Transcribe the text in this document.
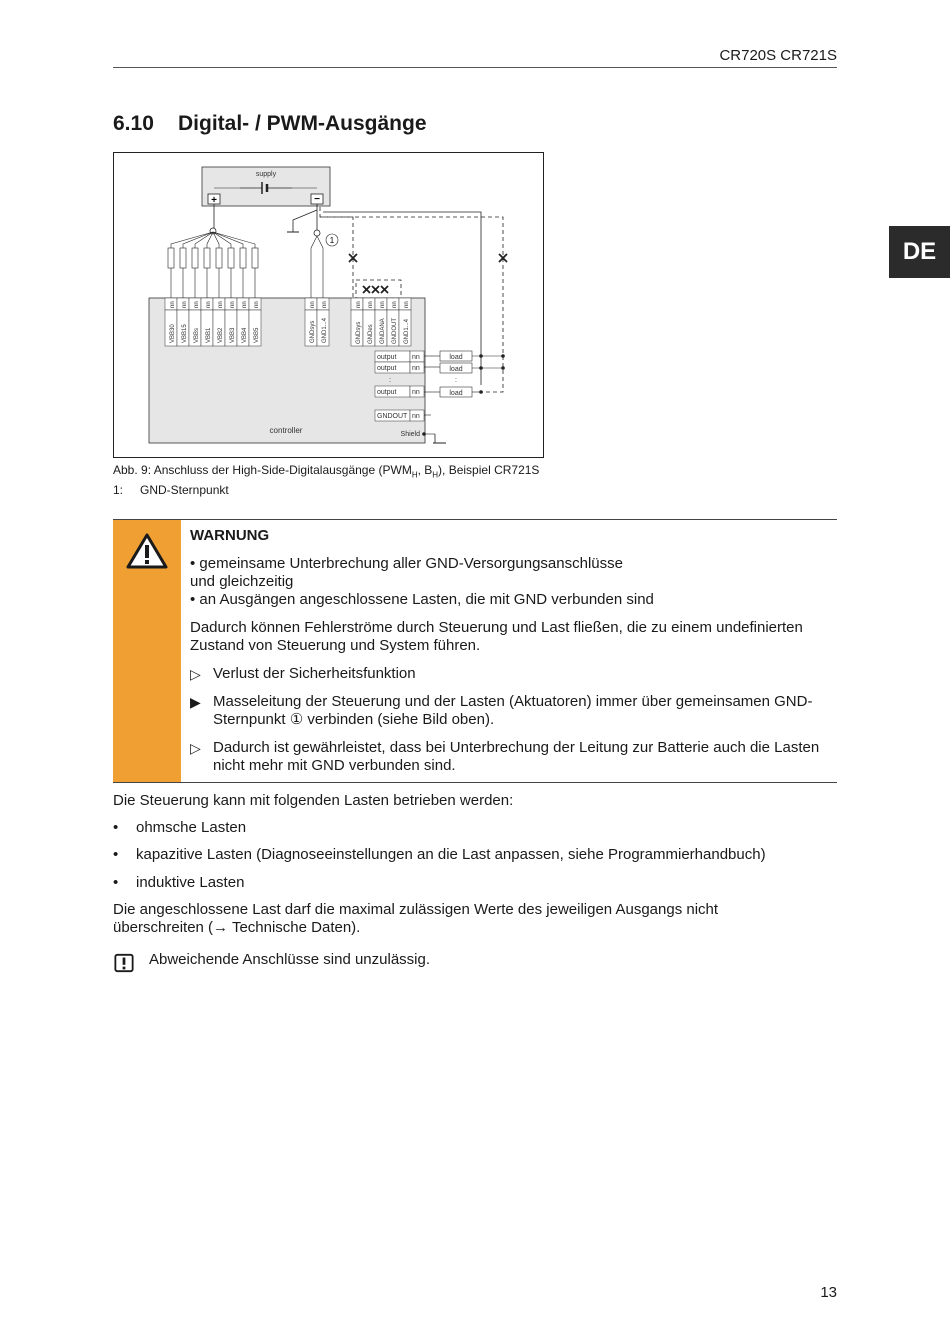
CR720S CR721S
DE
6.10 Digital- / PWM-Ausgänge
supply
+	−
1
controller	Shield
nn nn nn nn nn nn nn nn
VBB30 VBB15 VBBs VBB1 VBB2 VBB3 VBB4 VBB5
nn nn
GNDsys GND1...4
nn nn nn nn nn
GNDsys GNDes GNDANA GNDOUT GND1...4
output nn
output nn
:
output nn
GNDOUT nn
load
load
:
load
Abb. 9: Anschluss der High-Side-Digitalausgänge ($PWM_H$, $B_H$), Beispiel CR721S
1: GND-Sternpunkt
WARNUNG

• gemeinsame Unterbrechung aller GND-Versorgungsanschlüsse
und gleichzeitig
• an Ausgängen angeschlossene Lasten, die mit GND verbunden sind

Dadurch können Fehlerströme durch Steuerung und Last fließen, die zu einem undefinierten Zustand von Steuerung und System führen.

▷ Verlust der Sicherheitsfunktion
▶ Masseleitung der Steuerung und der Lasten (Aktuatoren) immer über gemeinsamen GND-Sternpunkt ① verbinden (siehe Bild oben).
▷ Dadurch ist gewährleistet, dass bei Unterbrechung der Leitung zur Batterie auch die Lasten nicht mehr mit GND verbunden sind.
Die Steuerung kann mit folgenden Lasten betrieben werden:
• ohmsche Lasten
• kapazitive Lasten (Diagnoseeinstellungen an die Last anpassen, siehe Programmierhandbuch)
• induktive Lasten
Die angeschlossene Last darf die maximal zulässigen Werte des jeweiligen Ausgangs nicht überschreiten (→ Technische Daten).
Abweichende Anschlüsse sind unzulässig.
13
